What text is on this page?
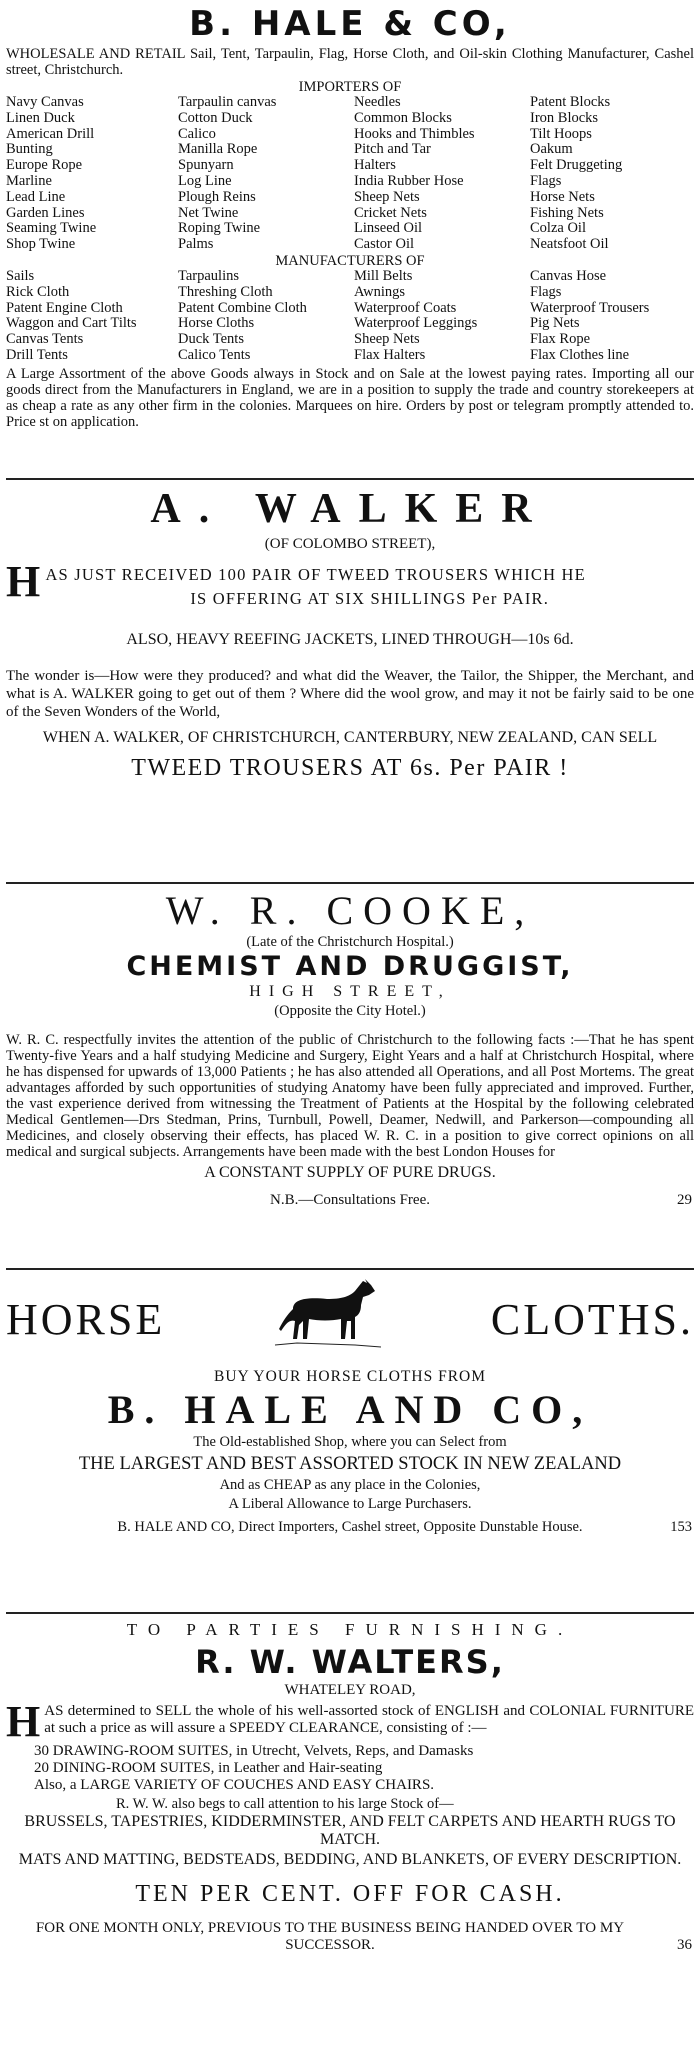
B. HALE & CO,
WHOLESALE AND RETAIL Sail, Tent, Tarpaulin, Flag, Horse Cloth, and Oil-skin Clothing Manufacturer, Cashel street, Christchurch.
IMPORTERS OF
Navy Canvas	Tarpaulin canvas	Needles	Patent Blocks
Linen Duck	Cotton Duck	Common Blocks	Iron Blocks
American Drill	Calico	Hooks and Thimbles	Tilt Hoops
Bunting	Manilla Rope	Pitch and Tar	Oakum
Europe Rope	Spunyarn	Halters	Felt Druggeting
Marline	Log Line	India Rubber Hose	Flags
Lead Line	Plough Reins	Sheep Nets	Horse Nets
Garden Lines	Net Twine	Cricket Nets	Fishing Nets
Seaming Twine	Roping Twine	Linseed Oil	Colza Oil
Shop Twine	Palms	Castor Oil	Neatsfoot Oil
MANUFACTURERS OF
Sails	Tarpaulins	Mill Belts	Canvas Hose
Rick Cloth	Threshing Cloth	Awnings	Flags
Patent Engine Cloth	Patent Combine Cloth	Waterproof Coats	Waterproof Trousers
Waggon and Cart Tilts	Horse Cloths	Waterproof Leggings	Pig Nets
Canvas Tents	Duck Tents	Sheep Nets	Flax Rope
Drill Tents	Calico Tents	Flax Halters	Flax Clothes line
A Large Assortment of the above Goods always in Stock and on Sale at the lowest paying rates. Importing all our goods direct from the Manufacturers in England, we are in a position to supply the trade and country storekeepers at as cheap a rate as any other firm in the colonies. Marquees on hire. Orders by post or telegram promptly attended to. Price st on application.
A. WALKER
(OF COLOMBO STREET),
H AS JUST RECEIVED 100 PAIR OF TWEED TROUSERS WHICH HE
IS OFFERING AT SIX SHILLINGS Per PAIR.
ALSO, HEAVY REEFING JACKETS, LINED THROUGH—10s 6d.
The wonder is—How were they produced? and what did the Weaver, the Tailor, the Shipper, the Merchant, and what is A. WALKER going to get out of them ? Where did the wool grow, and may it not be fairly said to be one of the Seven Wonders of the World,
WHEN A. WALKER, OF CHRISTCHURCH, CANTERBURY, NEW ZEALAND, CAN SELL
TWEED TROUSERS AT 6s. Per PAIR !
W. R. COOKE,
(Late of the Christchurch Hospital.)
CHEMIST AND DRUGGIST,
HIGH STREET,
(Opposite the City Hotel.)
W. R. C. respectfully invites the attention of the public of Christchurch to the following facts :—That he has spent Twenty-five Years and a half studying Medicine and Surgery, Eight Years and a half at Christchurch Hospital, where he has dispensed for upwards of 13,000 Patients ; he has also attended all Operations, and all Post Mortems. The great advantages afforded by such opportunities of studying Anatomy have been fully appreciated and improved. Further, the vast experience derived from witnessing the Treatment of Patients at the Hospital by the following celebrated Medical Gentlemen—Drs Stedman, Prins, Turnbull, Powell, Deamer, Nedwill, and Parkerson—compounding all Medicines, and closely observing their effects, has placed W. R. C. in a position to give correct opinions on all medical and surgical subjects. Arrangements have been made with the best London Houses for
A CONSTANT SUPPLY OF PURE DRUGS.
N.B.—Consultations Free.	29
HORSE	CLOTHS.
BUY YOUR HORSE CLOTHS FROM
B. HALE AND CO,
The Old-established Shop, where you can Select from
THE LARGEST AND BEST ASSORTED STOCK IN NEW ZEALAND
And as CHEAP as any place in the Colonies,
A Liberal Allowance to Large Purchasers.
B. HALE AND CO, Direct Importers, Cashel street, Opposite Dunstable House.	153
TO PARTIES FURNISHING.
R. W. WALTERS,
WHATELEY ROAD,
H AS determined to SELL the whole of his well-assorted stock of ENGLISH and COLONIAL FURNITURE at such a price as will assure a SPEEDY CLEARANCE, consisting of :—
30 DRAWING-ROOM SUITES, in Utrecht, Velvets, Reps, and Damasks
20 DINING-ROOM SUITES, in Leather and Hair-seating
Also, a LARGE VARIETY OF COUCHES AND EASY CHAIRS.
R. W. W. also begs to call attention to his large Stock of—
BRUSSELS, TAPESTRIES, KIDDERMINSTER, AND FELT CARPETS AND HEARTH RUGS TO MATCH.
MATS AND MATTING, BEDSTEADS, BEDDING, AND BLANKETS, OF EVERY DESCRIPTION.
TEN PER CENT. OFF FOR CASH.
FOR ONE MONTH ONLY, PREVIOUS TO THE BUSINESS BEING HANDED OVER TO MY SUCCESSOR.	36
